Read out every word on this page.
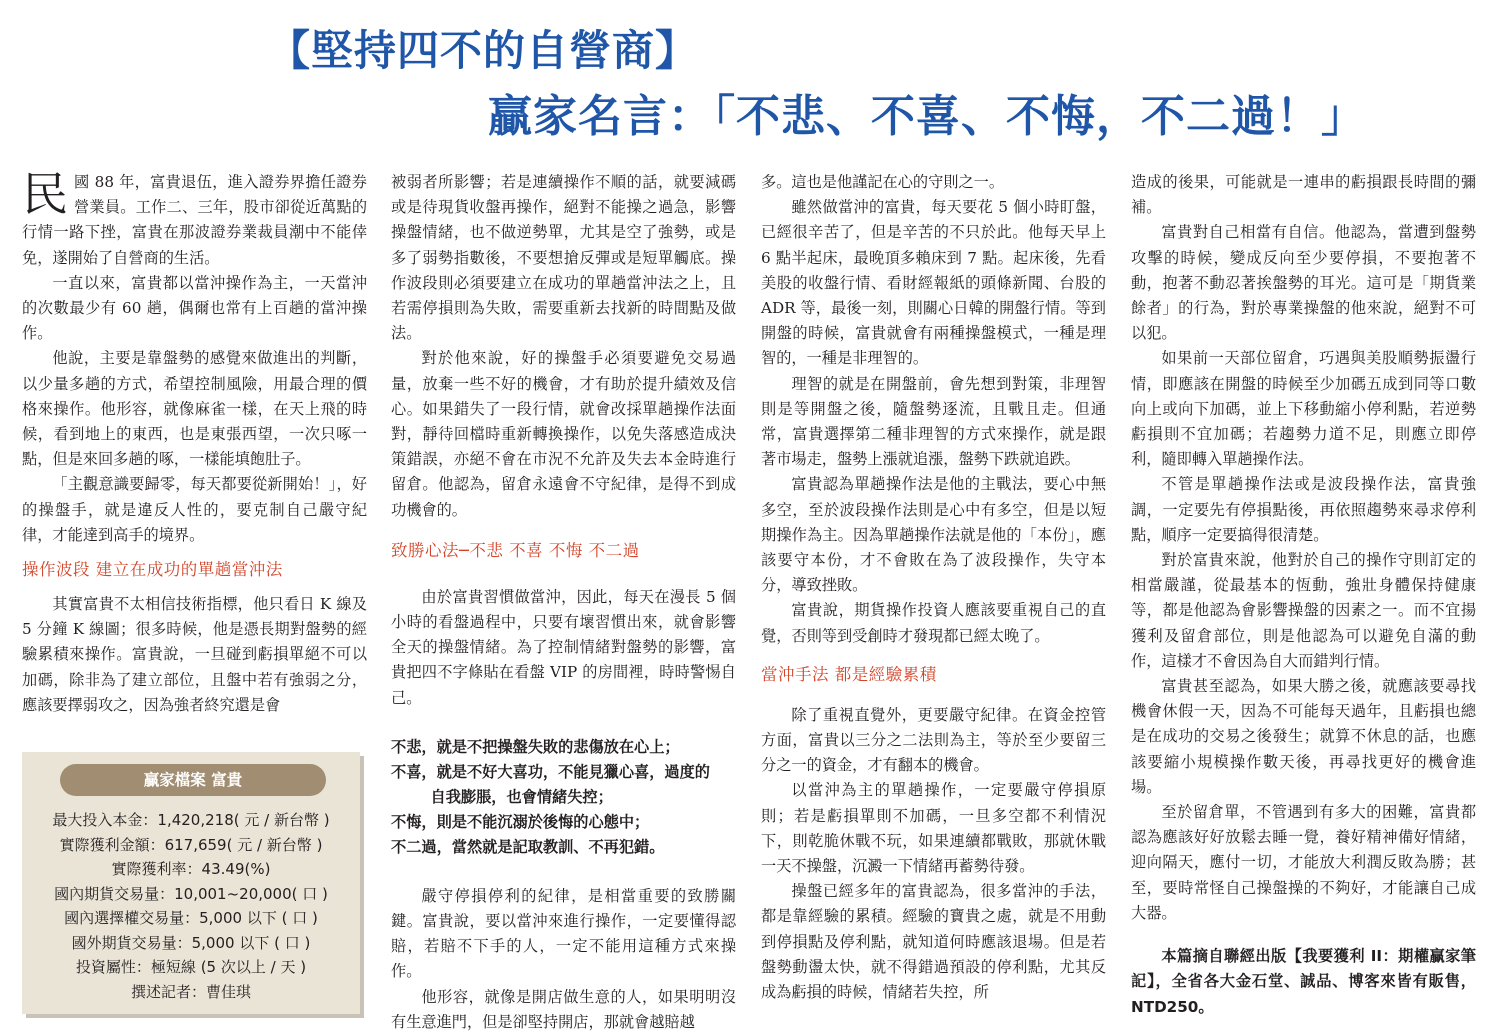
【堅持四不的自營商】
贏家名言：「不悲、不喜、不悔，不二過！」

民國 88 年，富貴退伍，進入證券界擔任證券營業員。工作二、三年，股市卻從近萬點的行情一路下挫，富貴在那波證券業裁員潮中不能倖免，遂開始了自營商的生活。

一直以來，富貴都以當沖操作為主，一天當沖的次數最少有 60 趟，偶爾也常有上百趟的當沖操作。

他說，主要是靠盤勢的感覺來做進出的判斷，以少量多趟的方式，希望控制風險，用最合理的價格來操作。他形容，就像麻雀一樣，在天上飛的時候，看到地上的東西，也是東張西望，一次只啄一點，但是來回多趟的啄，一樣能填飽肚子。

「主觀意識要歸零，每天都要從新開始！」，好的操盤手，就是違反人性的，要克制自己嚴守紀律，才能達到高手的境界。

操作波段 建立在成功的單趟當沖法

其實富貴不太相信技術指標，他只看日 K 線及 5 分鐘 K 線圖；很多時候，他是憑長期對盤勢的經驗累積來操作。富貴說，一旦碰到虧損單絕不可以加碼，除非為了建立部位，且盤中若有強弱之分，應該要擇弱攻之，因為強者終究還是會

贏家檔案 富貴
最大投入本金：1,420,218( 元 / 新台幣 )
實際獲利金額：617,659( 元 / 新台幣 )
實際獲利率：43.49(%)
國內期貨交易量：10,001~20,000( 口 )
國內選擇權交易量：5,000 以下 ( 口 )
國外期貨交易量：5,000 以下 ( 口 )
投資屬性：極短線 (5 次以上 / 天 )
撰述記者：曹佳琪

被弱者所影響；若是連續操作不順的話，就要減碼或是待現貨收盤再操作，絕對不能操之過急，影響操盤情緒，也不做逆勢單，尤其是空了強勢，或是多了弱勢指數後，不要想搶反彈或是短單觸底。操作波段則必須要建立在成功的單趟當沖法之上，且若需停損則為失敗，需要重新去找新的時間點及做法。

對於他來說，好的操盤手必須要避免交易過量，放棄一些不好的機會，才有助於提升績效及信心。如果錯失了一段行情，就會改採單趟操作法面對，靜待回檔時重新轉換操作，以免失落感造成決策錯誤，亦絕不會在市況不允許及失去本金時進行留倉。他認為，留倉永遠會不守紀律，是得不到成功機會的。

致勝心法─不悲 不喜 不悔 不二過

由於富貴習慣做當沖，因此，每天在漫長 5 個小時的看盤過程中，只要有壞習慣出來，就會影響全天的操盤情緒。為了控制情緒對盤勢的影響，富貴把四不字條貼在看盤 VIP 的房間裡，時時警惕自己。

不悲，就是不把操盤失敗的悲傷放在心上；
不喜，就是不好大喜功，不能見獵心喜，過度的
自我膨脹，也會情緒失控；
不悔，則是不能沉溺於後悔的心態中；
不二過，當然就是記取教訓、不再犯錯。

嚴守停損停利的紀律，是相當重要的致勝關鍵。富貴說，要以當沖來進行操作，一定要懂得認賠，若賠不下手的人，一定不能用這種方式來操作。

他形容，就像是開店做生意的人，如果明明沒有生意進門，但是卻堅持開店，那就會越賠越

多。這也是他謹記在心的守則之一。

雖然做當沖的富貴，每天要花 5 個小時盯盤，已經很辛苦了，但是辛苦的不只於此。他每天早上 6 點半起床，最晚頂多賴床到 7 點。起床後，先看美股的收盤行情、看財經報紙的頭條新聞、台股的 ADR 等，最後一刻，則關心日韓的開盤行情。等到開盤的時候，富貴就會有兩種操盤模式，一種是理智的，一種是非理智的。

理智的就是在開盤前，會先想到對策，非理智則是等開盤之後，隨盤勢逐流，且戰且走。但通常，富貴選擇第二種非理智的方式來操作，就是跟著市場走，盤勢上漲就追漲，盤勢下跌就追跌。

富貴認為單趟操作法是他的主戰法，要心中無多空，至於波段操作法則是心中有多空，但是以短期操作為主。因為單趟操作法就是他的「本份」，應該要守本份，才不會敗在為了波段操作，失守本分，導致挫敗。

富貴說，期貨操作投資人應該要重視自己的直覺，否則等到受創時才發現都已經太晚了。

當沖手法 都是經驗累積

除了重視直覺外，更要嚴守紀律。在資金控管方面，富貴以三分之二法則為主，等於至少要留三分之一的資金，才有翻本的機會。

以當沖為主的單趟操作，一定要嚴守停損原則；若是虧損單則不加碼，一旦多空都不利情況下，則乾脆休戰不玩，如果連續都戰敗，那就休戰一天不操盤，沉澱一下情緒再蓄勢待發。

操盤已經多年的富貴認為，很多當沖的手法，都是靠經驗的累積。經驗的寶貴之處，就是不用動到停損點及停利點，就知道何時應該退場。但是若盤勢動盪太快，就不得錯過預設的停利點，尤其反成為虧損的時候，情緒若失控，所

造成的後果，可能就是一連串的虧損跟長時間的彌補。

富貴對自己相當有自信。他認為，當遭到盤勢攻擊的時候，變成反向至少要停損，不要抱著不動，抱著不動忍著挨盤勢的耳光。這可是「期貨業餘者」的行為，對於專業操盤的他來說，絕對不可以犯。

如果前一天部位留倉，巧遇與美股順勢振盪行情，即應該在開盤的時候至少加碼五成到同等口數向上或向下加碼，並上下移動縮小停利點，若逆勢虧損則不宜加碼；若趨勢力道不足，則應立即停利，隨即轉入單趟操作法。

不管是單趟操作法或是波段操作法，富貴強調，一定要先有停損點後，再依照趨勢來尋求停利點，順序一定要搞得很清楚。

對於富貴來說，他對於自己的操作守則訂定的相當嚴謹，從最基本的恆動，強壯身體保持健康等，都是他認為會影響操盤的因素之一。而不宜揚獲利及留倉部位，則是他認為可以避免自滿的動作，這樣才不會因為自大而錯判行情。

富貴甚至認為，如果大勝之後，就應該要尋找機會休假一天，因為不可能每天過年，且虧損也總是在成功的交易之後發生；就算不休息的話，也應該要縮小規模操作數天後，再尋找更好的機會進場。

至於留倉單，不管遇到有多大的困難，富貴都認為應該好好放鬆去睡一覺，養好精神備好情緒，迎向隔天，應付一切，才能放大利潤反敗為勝；甚至，要時常怪自己操盤操的不夠好，才能讓自己成大器。

本篇摘自聯經出版【我要獲利 II：期權贏家筆記】，全省各大金石堂、誠品、博客來皆有販售，NTD250。
